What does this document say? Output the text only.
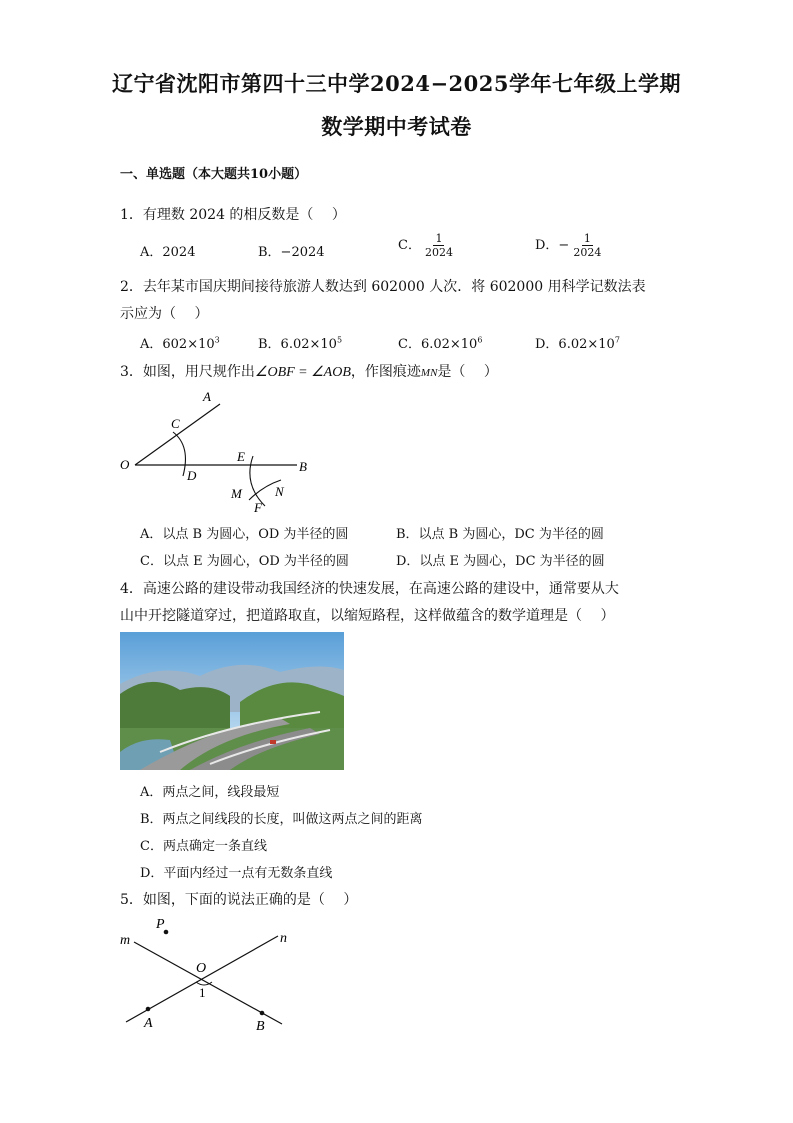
辽宁省沈阳市第四十三中学2024−2025学年七年级上学期
数学期中考试卷
一、单选题（本大题共10小题）
1．有理数 2024 的相反数是（　 ）
A．2024	B．−2024	C． $\frac{1}{2024}$	D．− $\frac{1}{2024}$
2．去年某市国庆期间接待旅游人数达到 602000 人次．将 602000 用科学记数法表
示应为（　 ）
A．$602\times 10^3$	B．$6.02\times 10^5$	C．$6.02\times 10^6$	D．$6.02\times 10^7$
3．如图，用尺规作出∠OBF = ∠AOB，作图痕迹MN是（　 ）
A
C
O
D
E
B
M	N
F
A．以点 B 为圆心，OD 为半径的圆	B．以点 B 为圆心，DC 为半径的圆
C．以点 E 为圆心，OD 为半径的圆	D．以点 E 为圆心，DC 为半径的圆
4．高速公路的建设带动我国经济的快速发展，在高速公路的建设中，通常要从大
山中开挖隧道穿过，把道路取直，以缩短路程，这样做蕴含的数学道理是（　 ）
A．两点之间，线段最短
B．两点之间线段的长度，叫做这两点之间的距离
C．两点确定一条直线
D．平面内经过一点有无数条直线
5．如图，下面的说法正确的是（　 ）
P
m	n
O
1
A	B
